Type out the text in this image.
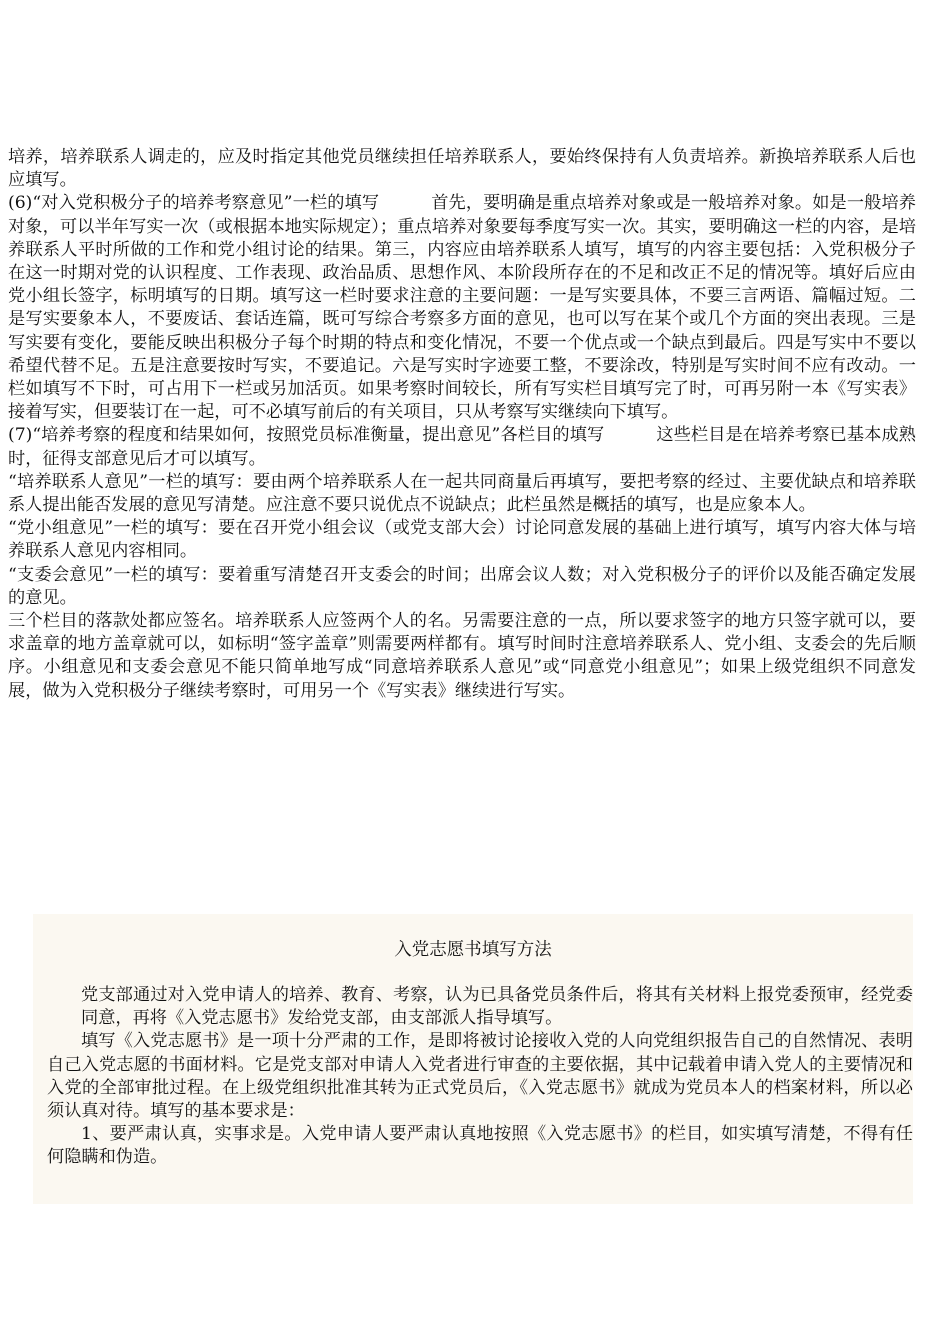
培养，培养联系人调走的，应及时指定其他党员继续担任培养联系人，要始终保持有人负责培养。新换培养联系人后也应填写。

(6)“对入党积极分子的培养考察意见”一栏的填写　　　首先，要明确是重点培养对象或是一般培养对象。如是一般培养对象，可以半年写实一次（或根据本地实际规定）；重点培养对象要每季度写实一次。其实，要明确这一栏的内容，是培养联系人平时所做的工作和党小组讨论的结果。第三，内容应由培养联系人填写，填写的内容主要包括：入党积极分子在这一时期对党的认识程度、工作表现、政治品质、思想作风、本阶段所存在的不足和改正不足的情况等。填好后应由党小组长签字，标明填写的日期。填写这一栏时要求注意的主要问题：一是写实要具体，不要三言两语、篇幅过短。二是写实要象本人，不要废话、套话连篇，既可写综合考察多方面的意见，也可以写在某个或几个方面的突出表现。三是写实要有变化，要能反映出积极分子每个时期的特点和变化情况，不要一个优点或一个缺点到最后。四是写实中不要以希望代替不足。五是注意要按时写实，不要追记。六是写实时字迹要工整，不要涂改，特别是写实时间不应有改动。一栏如填写不下时，可占用下一栏或另加活页。如果考察时间较长，所有写实栏目填写完了时，可再另附一本《写实表》接着写实，但要装订在一起，可不必填写前后的有关项目，只从考察写实继续向下填写。

(7)“培养考察的程度和结果如何，按照党员标准衡量，提出意见”各栏目的填写　　　这些栏目是在培养考察已基本成熟时，征得支部意见后才可以填写。

“培养联系人意见”一栏的填写：要由两个培养联系人在一起共同商量后再填写，要把考察的经过、主要优缺点和培养联系人提出能否发展的意见写清楚。应注意不要只说优点不说缺点；此栏虽然是概括的填写，也是应象本人。

“党小组意见”一栏的填写：要在召开党小组会议（或党支部大会）讨论同意发展的基础上进行填写，填写内容大体与培养联系人意见内容相同。

“支委会意见”一栏的填写：要着重写清楚召开支委会的时间；出席会议人数；对入党积极分子的评价以及能否确定发展的意见。

三个栏目的落款处都应签名。培养联系人应签两个人的名。另需要注意的一点，所以要求签字的地方只签字就可以，要求盖章的地方盖章就可以，如标明“签字盖章”则需要两样都有。填写时间时注意培养联系人、党小组、支委会的先后顺序。小组意见和支委会意见不能只简单地写成“同意培养联系人意见”或“同意党小组意见”；如果上级党组织不同意发展，做为入党积极分子继续考察时，可用另一个《写实表》继续进行写实。

入党志愿书填写方法

党支部通过对入党申请人的培养、教育、考察，认为已具备党员条件后，将其有关材料上报党委预审，经党委同意，再将《入党志愿书》发给党支部，由支部派人指导填写。

填写《入党志愿书》是一项十分严肃的工作，是即将被讨论接收入党的人向党组织报告自己的自然情况、表明自己入党志愿的书面材料。它是党支部对申请人入党者进行审查的主要依据，其中记载着申请入党人的主要情况和入党的全部审批过程。在上级党组织批准其转为正式党员后，《入党志愿书》就成为党员本人的档案材料，所以必须认真对待。填写的基本要求是：

1、要严肃认真，实事求是。入党申请人要严肃认真地按照《入党志愿书》的栏目，如实填写清楚，不得有任何隐瞒和伪造。
